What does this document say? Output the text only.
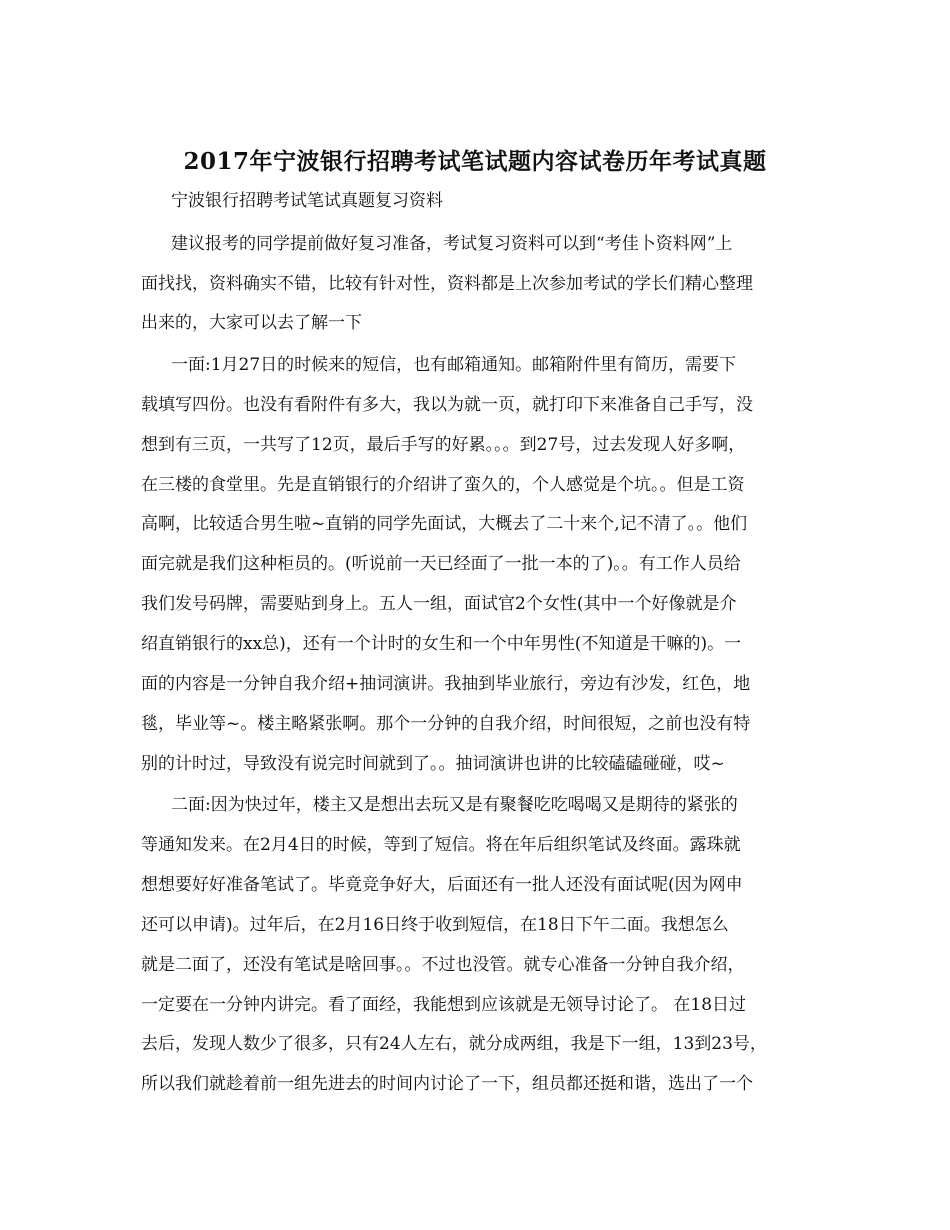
2017年宁波银行招聘考试笔试题内容试卷历年考试真题
宁波银行招聘考试笔试真题复习资料
建议报考的同学提前做好复习准备，考试复习资料可以到“考佳卜资料网”上
面找找，资料确实不错，比较有针对性，资料都是上次参加考试的学长们精心整理
出来的，大家可以去了解一下
一面:1月27日的时候来的短信，也有邮箱通知。邮箱附件里有简历，需要下
载填写四份。也没有看附件有多大，我以为就一页，就打印下来准备自己手写，没
想到有三页，一共写了12页，最后手写的好累。。。到27号，过去发现人好多啊，
在三楼的食堂里。先是直销银行的介绍讲了蛮久的，个人感觉是个坑。。但是工资
高啊，比较适合男生啦~直销的同学先面试，大概去了二十来个,记不清了。。他们
面完就是我们这种柜员的。(听说前一天已经面了一批一本的了)。。有工作人员给
我们发号码牌，需要贴到身上。五人一组，面试官2个女性(其中一个好像就是介
绍直销银行的xx总)，还有一个计时的女生和一个中年男性(不知道是干嘛的)。一
面的内容是一分钟自我介绍+抽词演讲。我抽到毕业旅行，旁边有沙发，红色，地
毯，毕业等~。楼主略紧张啊。那个一分钟的自我介绍，时间很短，之前也没有特
别的计时过，导致没有说完时间就到了。。抽词演讲也讲的比较磕磕碰碰，哎~
二面:因为快过年，楼主又是想出去玩又是有聚餐吃吃喝喝又是期待的紧张的
等通知发来。在2月4日的时候，等到了短信。将在年后组织笔试及终面。露珠就
想想要好好准备笔试了。毕竟竞争好大，后面还有一批人还没有面试呢(因为网申
还可以申请)。过年后，在2月16日终于收到短信，在18日下午二面。我想怎么
就是二面了，还没有笔试是啥回事。。不过也没管。就专心准备一分钟自我介绍，
一定要在一分钟内讲完。看了面经，我能想到应该就是无领导讨论了。 在18日过
去后，发现人数少了很多，只有24人左右，就分成两组，我是下一组，13到23号，
所以我们就趁着前一组先进去的时间内讨论了一下，组员都还挺和谐，选出了一个
